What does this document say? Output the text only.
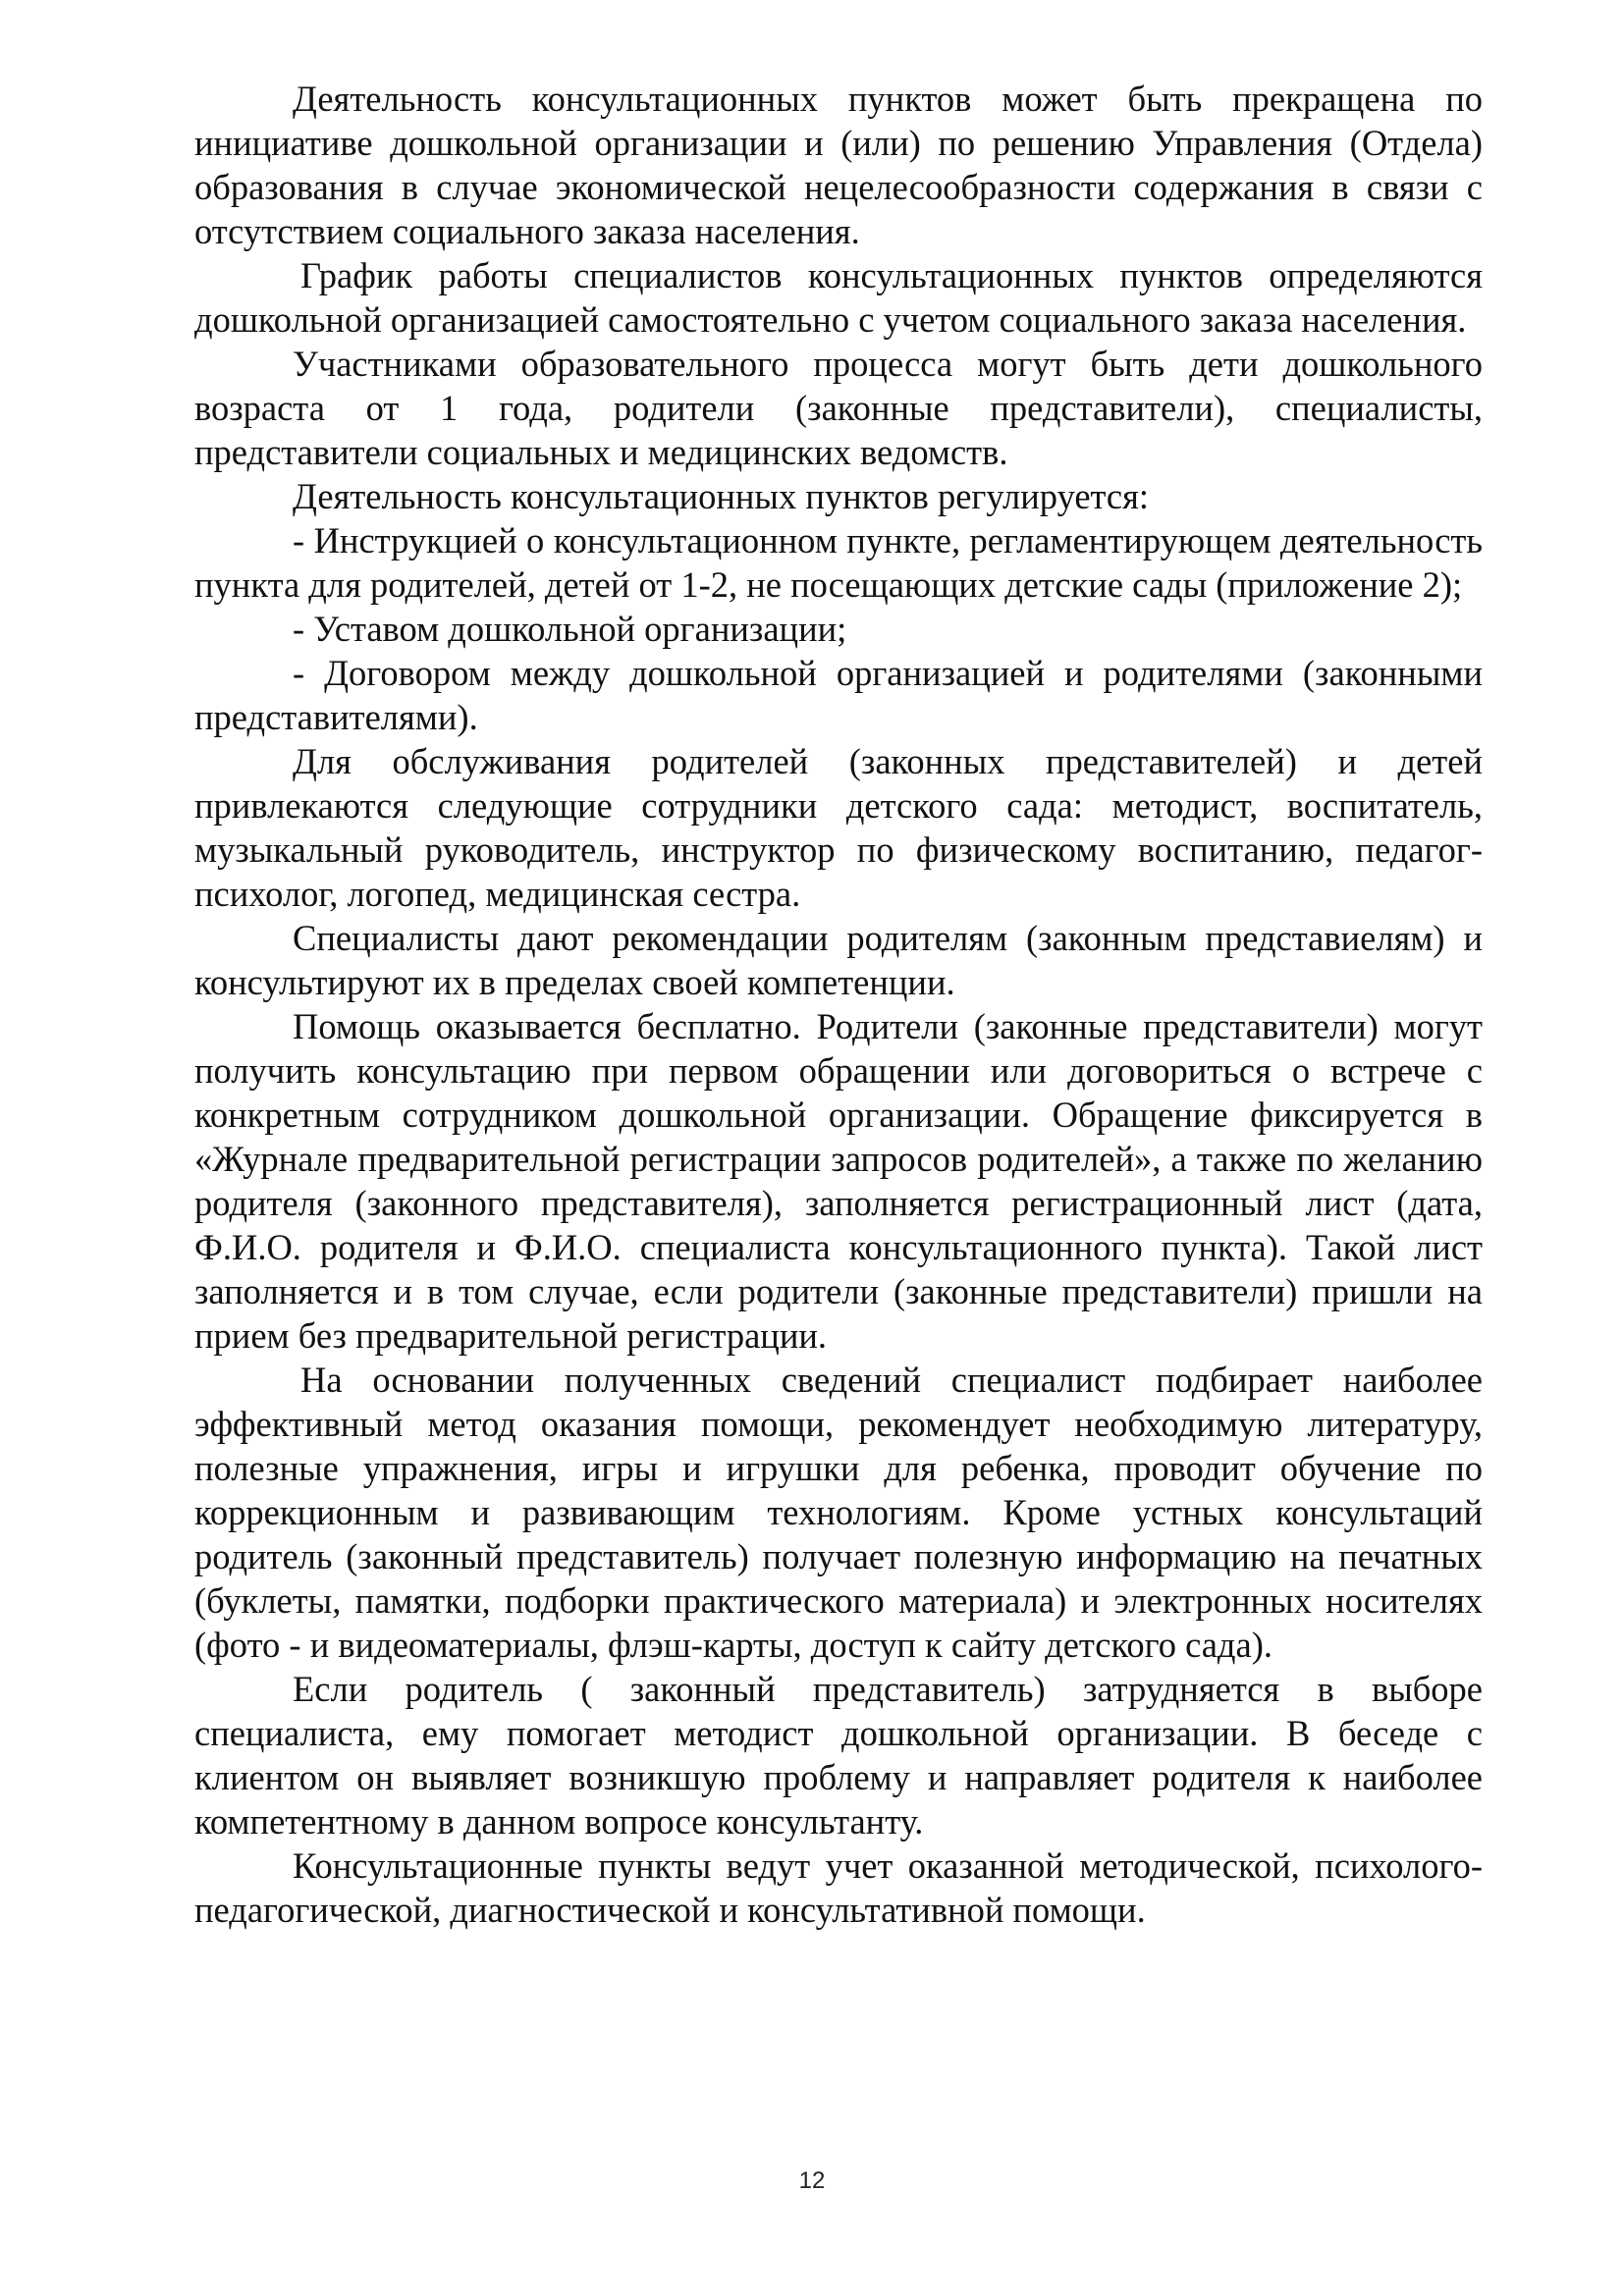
Деятельность консультационных пунктов может быть прекращена по инициативе дошкольной организации и (или) по решению Управления (Отдела) образования в случае экономической нецелесообразности содержания в связи с отсутствием социального заказа населения.

График работы специалистов консультационных пунктов определяются дошкольной организацией самостоятельно с учетом социального заказа населения.

Участниками образовательного процесса могут быть дети дошкольного возраста от 1 года, родители (законные представители), специалисты, представители социальных и медицинских ведомств.

Деятельность консультационных пунктов регулируется:

- Инструкцией о консультационном пункте, регламентирующем деятельность пункта для родителей, детей от 1-2, не посещающих детские сады (приложение 2);

- Уставом дошкольной организации;

- Договором между дошкольной организацией и родителями (законными представителями).

Для обслуживания родителей (законных представителей) и детей привлекаются следующие сотрудники детского сада: методист, воспитатель, музыкальный руководитель, инструктор по физическому воспитанию, педагог-психолог, логопед, медицинская сестра.

Специалисты дают рекомендации родителям (законным представиелям) и консультируют их в пределах своей компетенции.

Помощь оказывается бесплатно. Родители (законные представители) могут получить консультацию при первом обращении или договориться о встрече с конкретным сотрудником дошкольной организации. Обращение фиксируется в «Журнале предварительной регистрации запросов родителей», а также по желанию родителя (законного представителя), заполняется регистрационный лист (дата, Ф.И.О. родителя и Ф.И.О. специалиста консультационного пункта). Такой лист заполняется и в том случае, если родители (законные представители) пришли на прием без предварительной регистрации.

На основании полученных сведений специалист подбирает наиболее эффективный метод оказания помощи, рекомендует необходимую литературу, полезные упражнения, игры и игрушки для ребенка, проводит обучение по коррекционным и развивающим технологиям. Кроме устных консультаций родитель (законный представитель) получает полезную информацию на печатных (буклеты, памятки, подборки практического материала) и электронных носителях (фото - и видеоматериалы, флэш-карты, доступ к сайту детского сада).

Если родитель ( законный представитель) затрудняется в выборе специалиста, ему помогает методист дошкольной организации. В беседе с клиентом он выявляет возникшую проблему и направляет родителя к наиболее компетентному в данном вопросе консультанту.

Консультационные пункты ведут учет оказанной методической, психолого-педагогической, диагностической и консультативной помощи.

12
